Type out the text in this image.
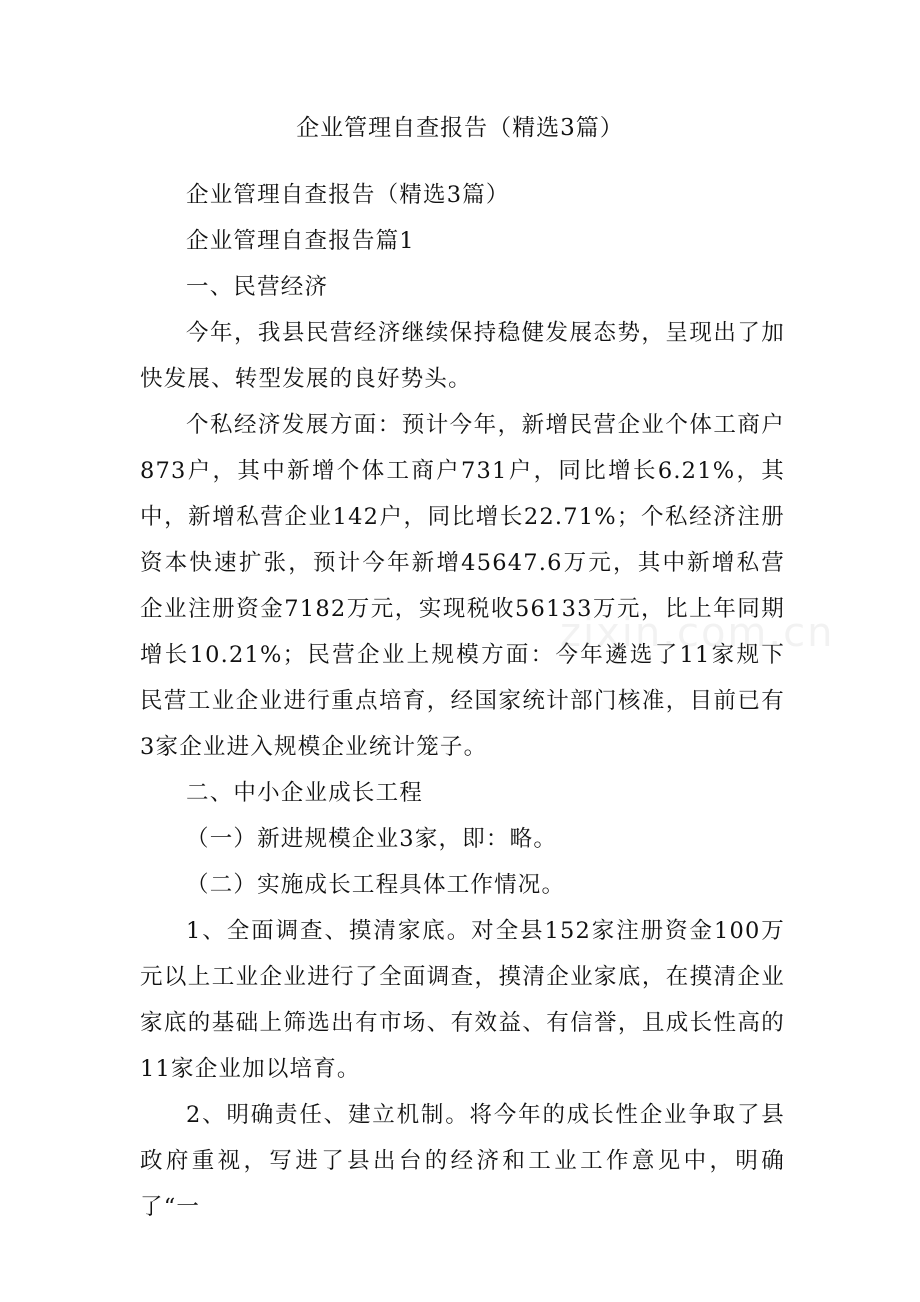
企业管理自查报告（精选3篇）

企业管理自查报告（精选3篇）

企业管理自查报告篇1

一、民营经济

今年，我县民营经济继续保持稳健发展态势，呈现出了加快发展、转型发展的良好势头。

个私经济发展方面：预计今年，新增民营企业个体工商户873户，其中新增个体工商户731户，同比增长6.21%，其中，新增私营企业142户，同比增长22.71%；个私经济注册资本快速扩张，预计今年新增45647.6万元，其中新增私营企业注册资金7182万元，实现税收56133万元，比上年同期增长10.21%；民营企业上规模方面：今年遴选了11家规下民营工业企业进行重点培育，经国家统计部门核准，目前已有3家企业进入规模企业统计笼子。

二、中小企业成长工程

（一）新进规模企业3家，即：略。

（二）实施成长工程具体工作情况。

1、全面调查、摸清家底。对全县152家注册资金100万元以上工业企业进行了全面调查，摸清企业家底，在摸清企业家底的基础上筛选出有市场、有效益、有信誉，且成长性高的11家企业加以培育。

2、明确责任、建立机制。将今年的成长性企业争取了县政府重视，写进了县出台的经济和工业工作意见中，明确了“一

zixin.com.cn
